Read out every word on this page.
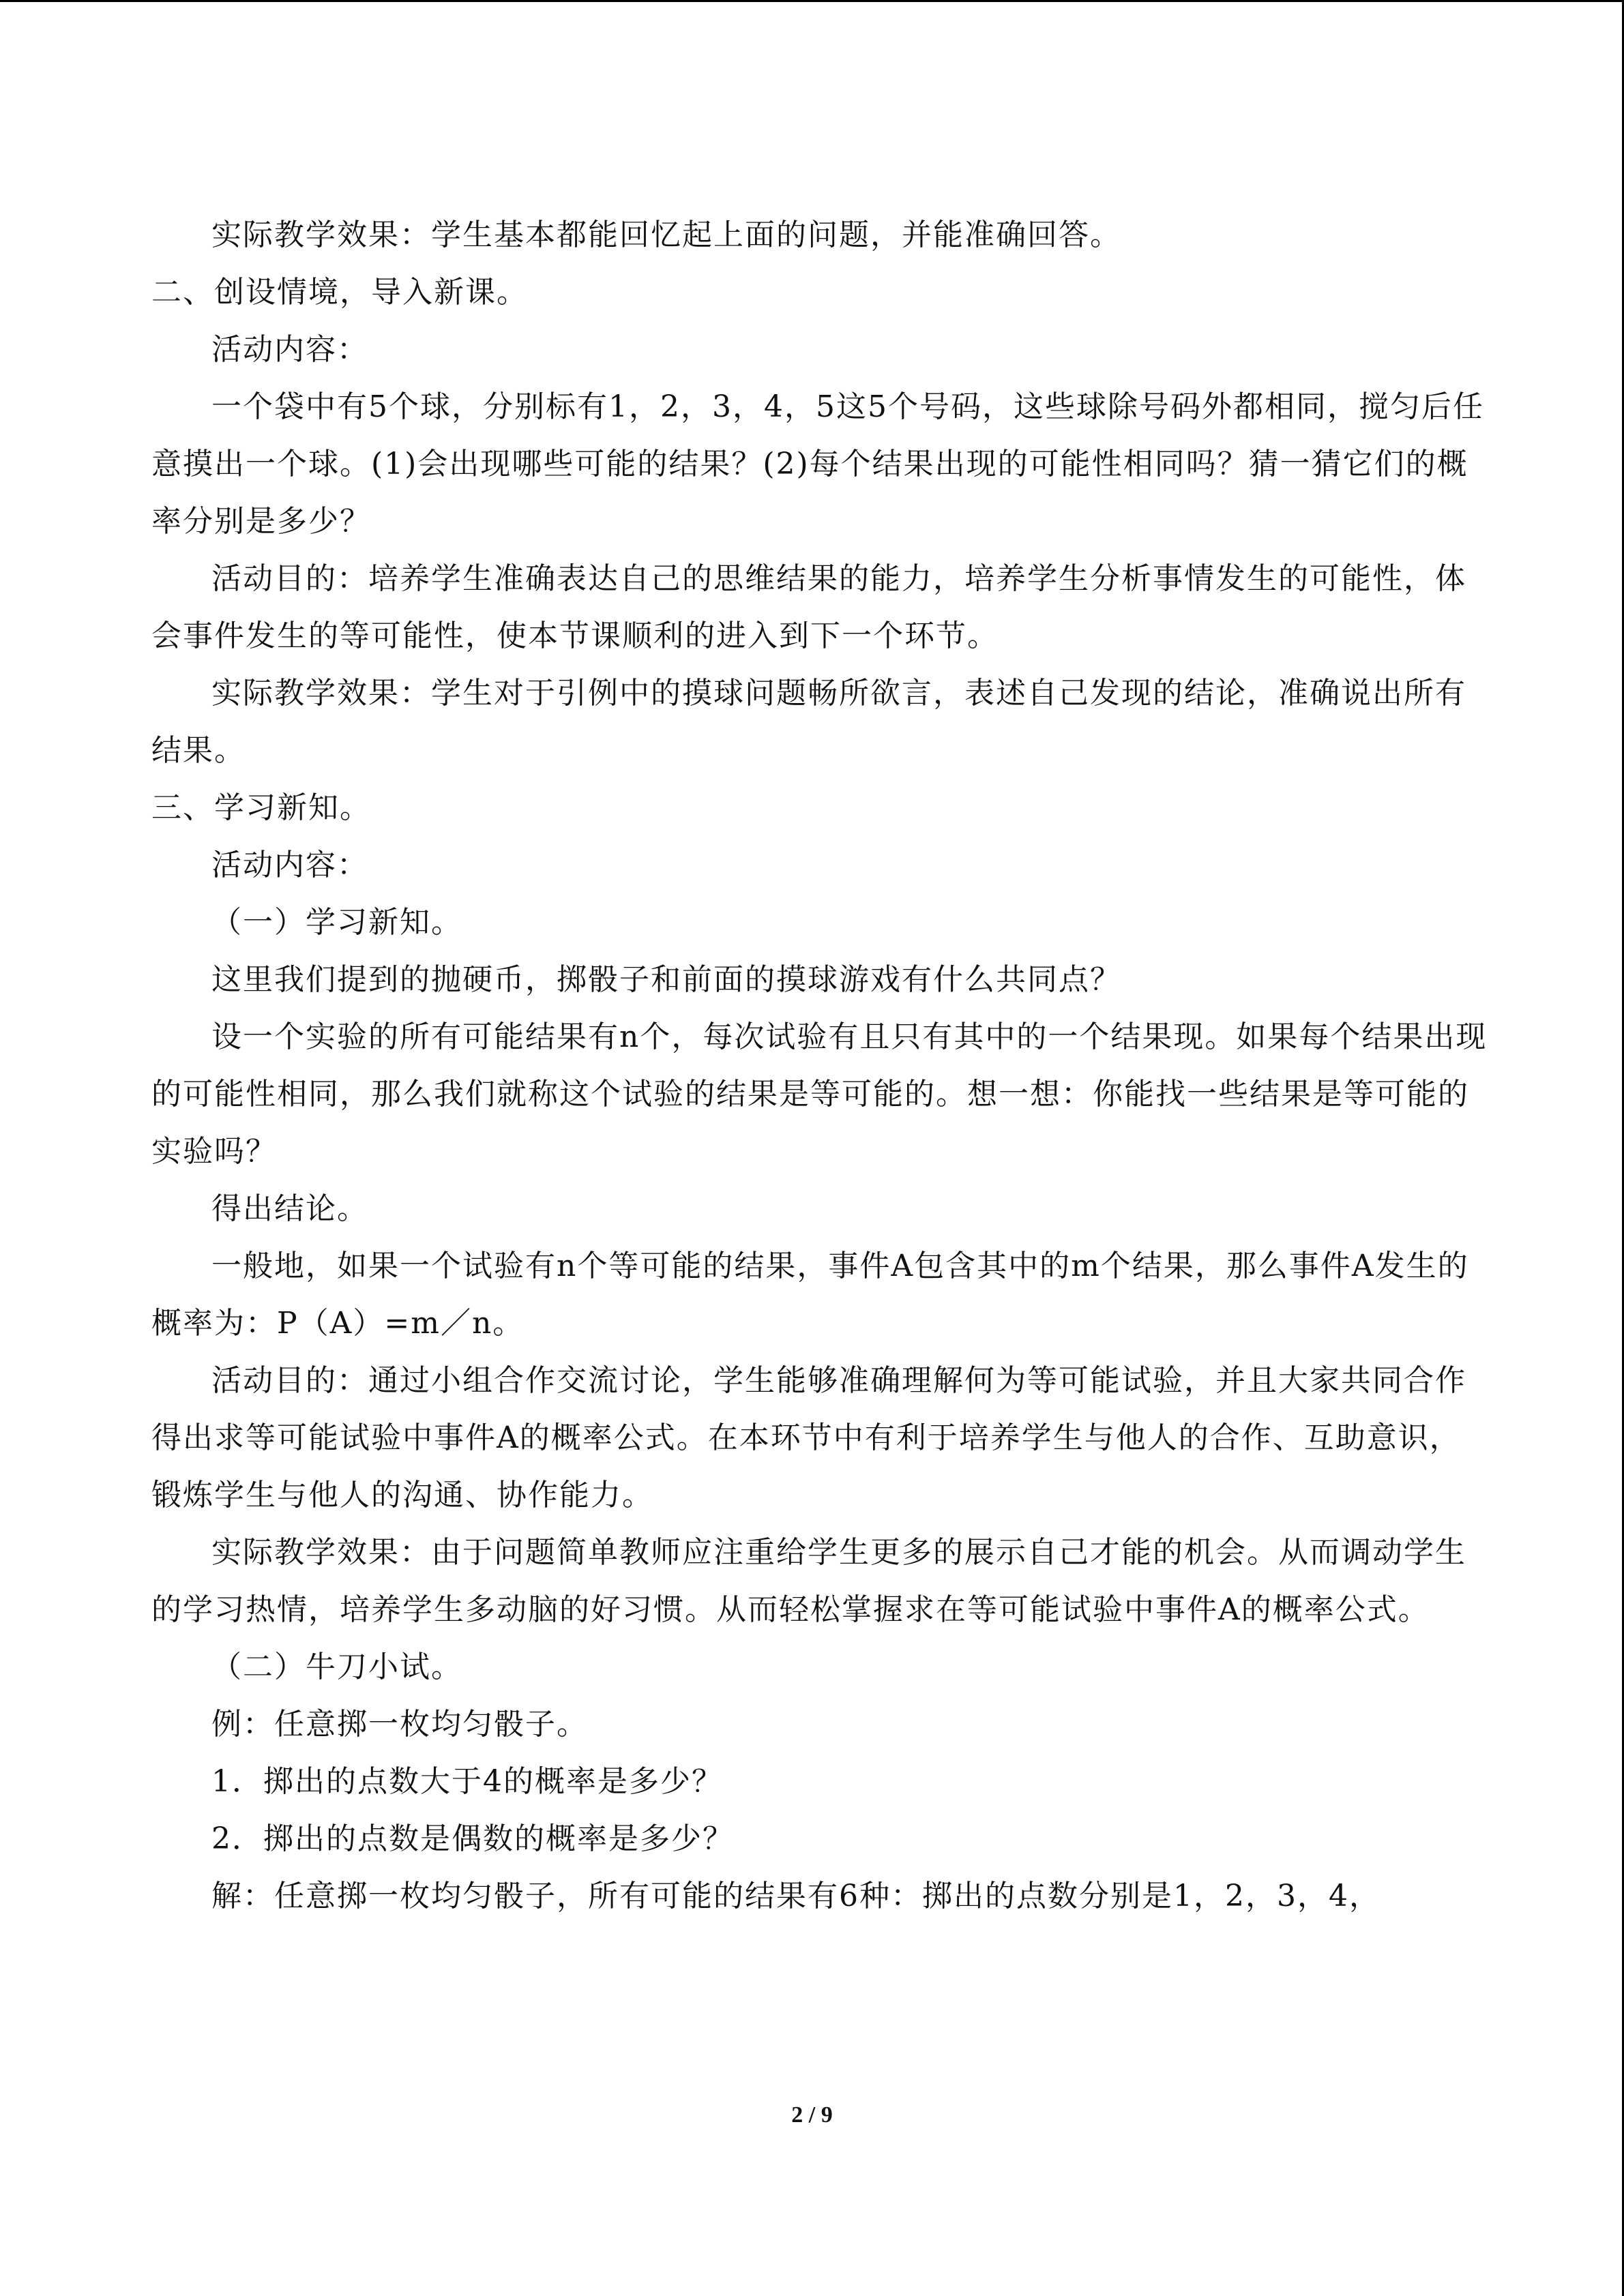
实际教学效果：学生基本都能回忆起上面的问题，并能准确回答。

二、创设情境，导入新课。

活动内容：

一个袋中有5个球，分别标有1，2，3，4，5这5个号码，这些球除号码外都相同，搅匀后任意摸出一个球。(1)会出现哪些可能的结果？(2)每个结果出现的可能性相同吗？猜一猜它们的概率分别是多少？

活动目的：培养学生准确表达自己的思维结果的能力，培养学生分析事情发生的可能性，体会事件发生的等可能性，使本节课顺利的进入到下一个环节。

实际教学效果：学生对于引例中的摸球问题畅所欲言，表述自己发现的结论，准确说出所有结果。

三、学习新知。

活动内容：

（一）学习新知。

这里我们提到的抛硬币，掷骰子和前面的摸球游戏有什么共同点？

设一个实验的所有可能结果有n个，每次试验有且只有其中的一个结果现。如果每个结果出现的可能性相同，那么我们就称这个试验的结果是等可能的。想一想：你能找一些结果是等可能的实验吗？

得出结论。

一般地，如果一个试验有n个等可能的结果，事件A包含其中的m个结果，那么事件A发生的概率为：P（A）=m／n。

活动目的：通过小组合作交流讨论，学生能够准确理解何为等可能试验，并且大家共同合作得出求等可能试验中事件A的概率公式。在本环节中有利于培养学生与他人的合作、互助意识，锻炼学生与他人的沟通、协作能力。

实际教学效果：由于问题简单教师应注重给学生更多的展示自己才能的机会。从而调动学生的学习热情，培养学生多动脑的好习惯。从而轻松掌握求在等可能试验中事件A的概率公式。

（二）牛刀小试。

例：任意掷一枚均匀骰子。

1．掷出的点数大于4的概率是多少？

2．掷出的点数是偶数的概率是多少？

解：任意掷一枚均匀骰子，所有可能的结果有6种：掷出的点数分别是1，2，3，4，

2 / 9
